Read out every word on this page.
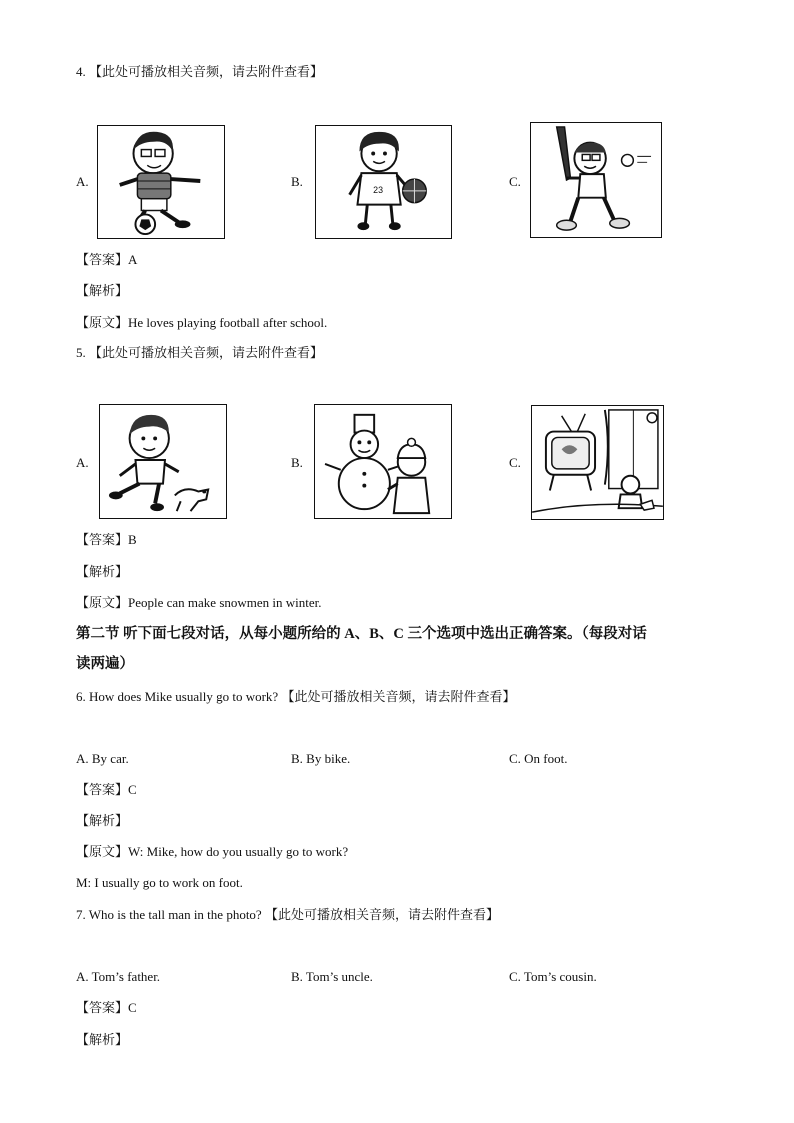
4. 【此处可播放相关音频，请去附件查看】
A.	B.
23
C.
【答案】A
【解析】
【原文】He loves playing football after school.
5. 【此处可播放相关音频，请去附件查看】
A.	B.	C.
【答案】B
【解析】
【原文】People can make snowmen in winter.
第二节 听下面七段对话，从每小题所给的 A、B、C 三个选项中选出正确答案。（每段对话
读两遍）
6. How does Mike usually go to work? 【此处可播放相关音频，请去附件查看】
A. By car.	B. By bike.	C. On foot.
【答案】C
【解析】
【原文】W: Mike, how do you usually go to work?
M: I usually go to work on foot.
7. Who is the tall man in the photo? 【此处可播放相关音频，请去附件查看】
A. Tom’s father.	B. Tom’s uncle.	C. Tom’s cousin.
【答案】C
【解析】
